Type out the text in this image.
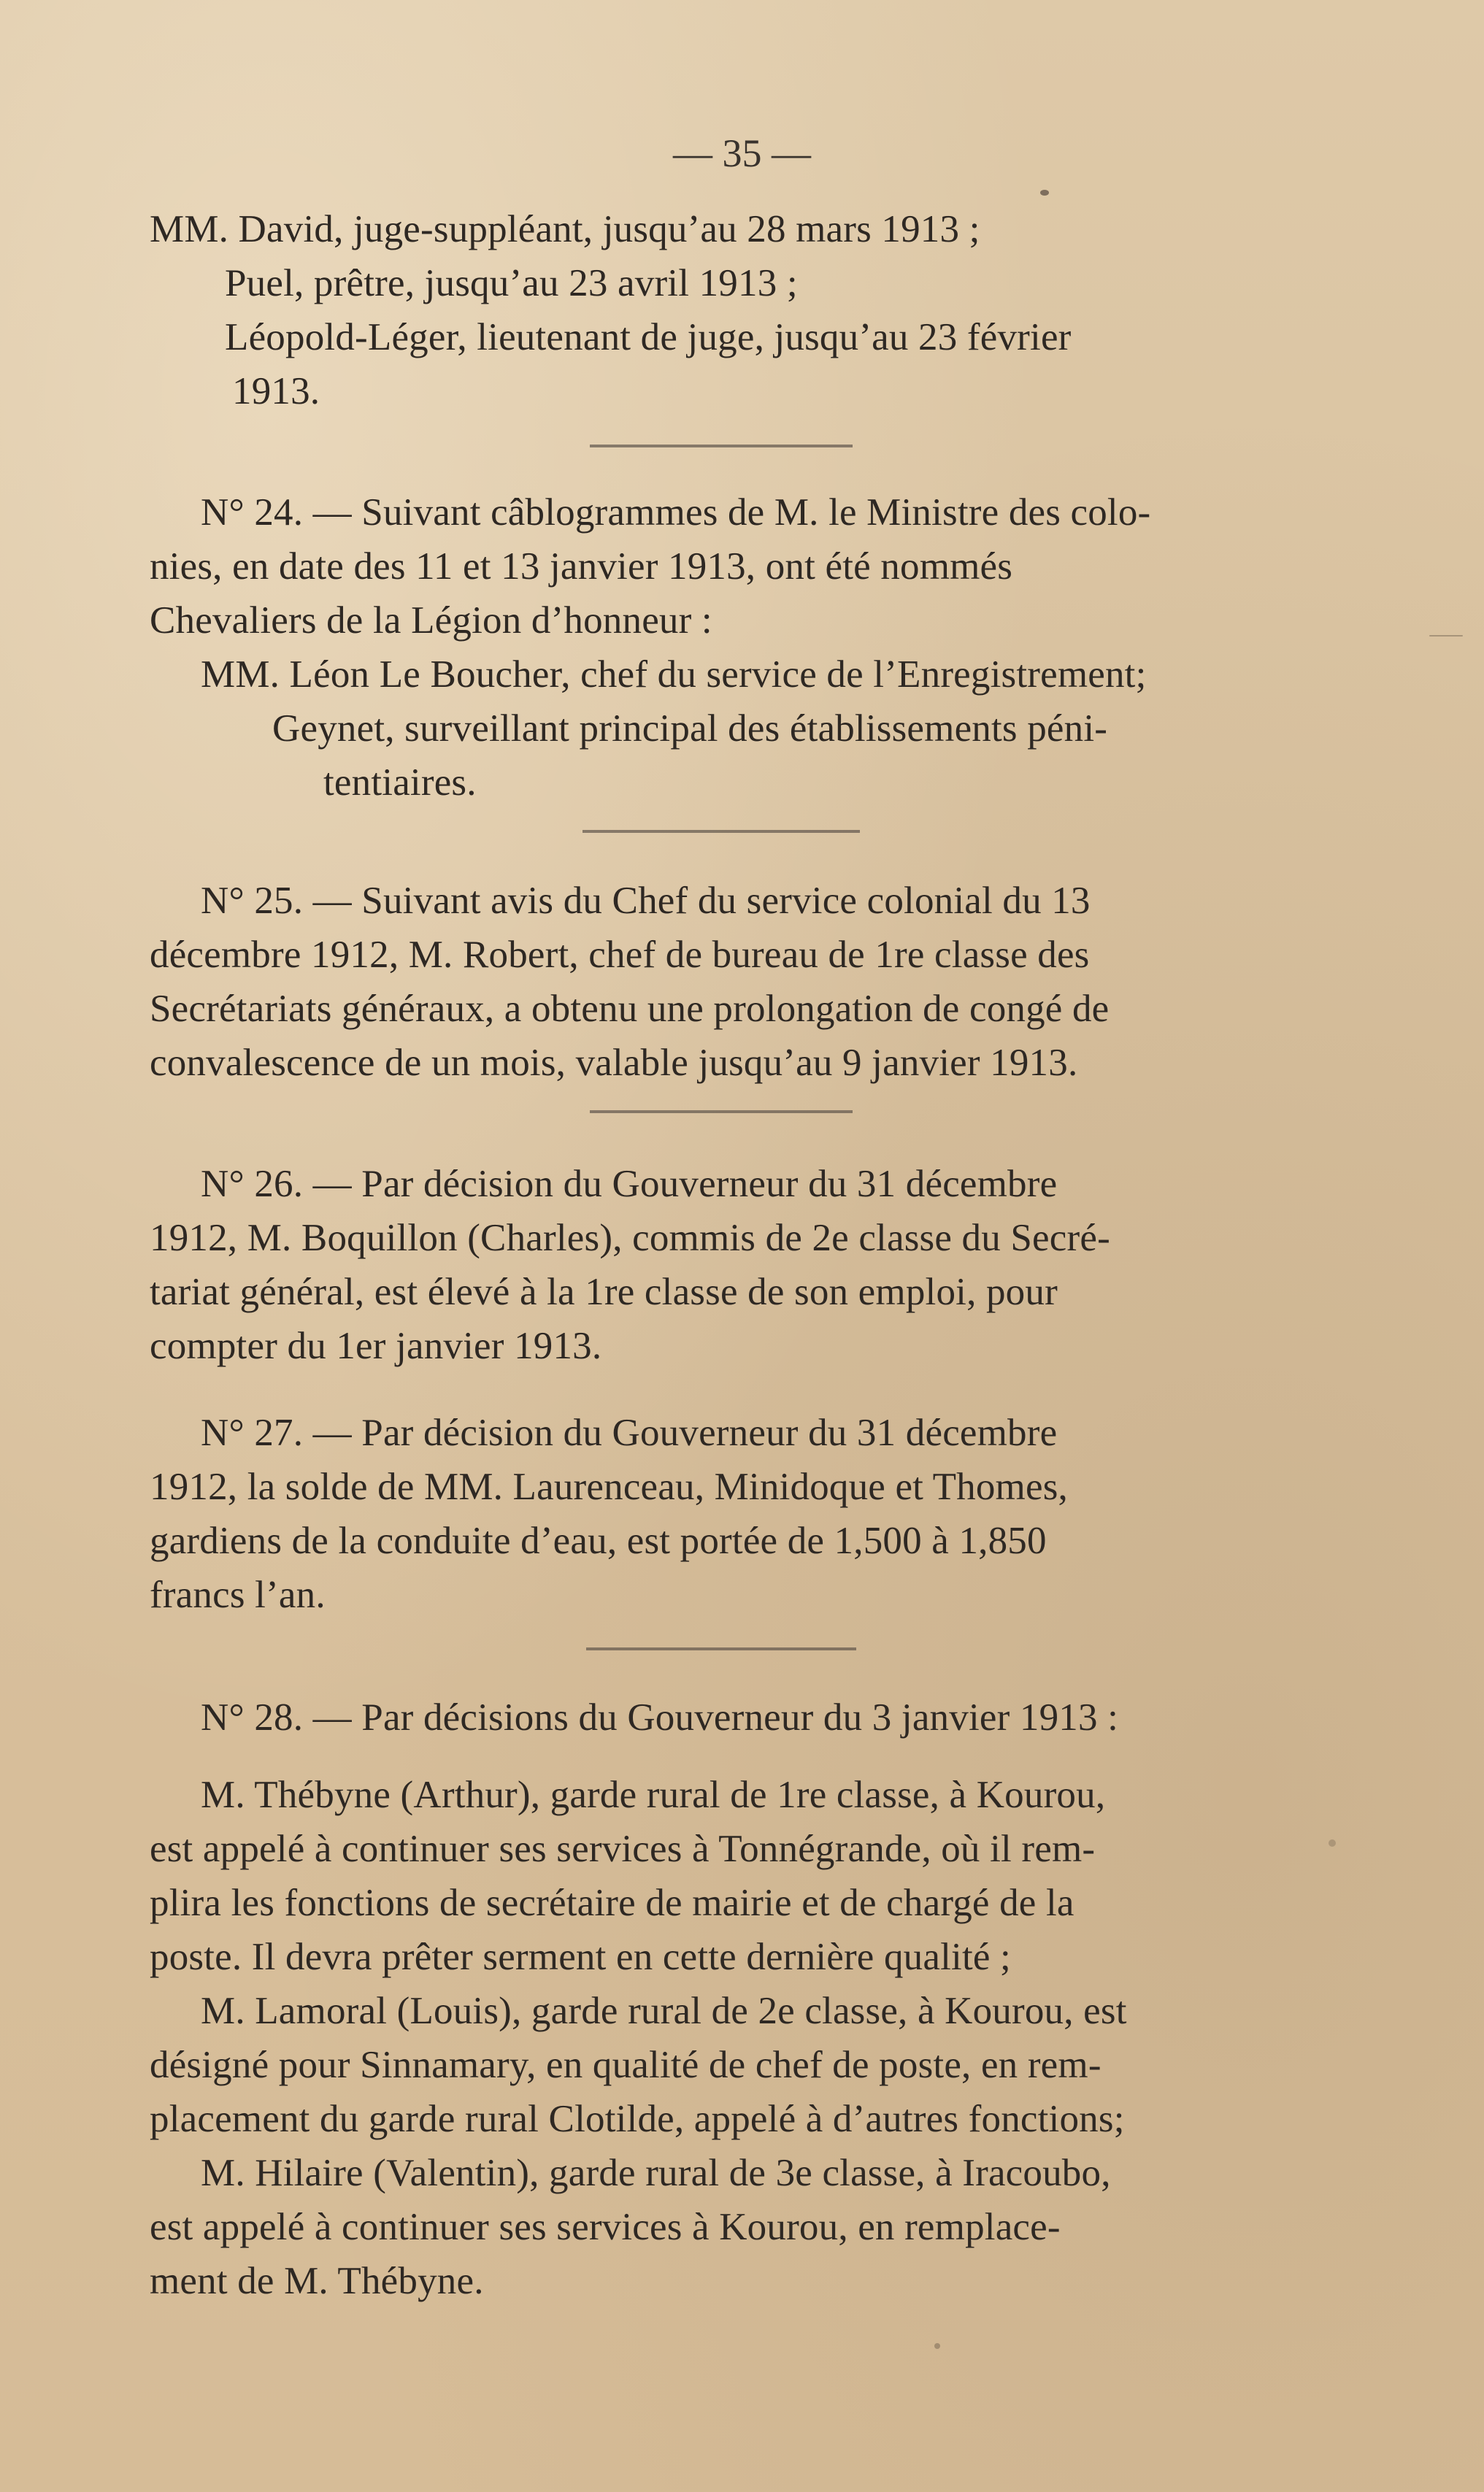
— 35 —

MM. David, juge-suppléant, jusqu’au 28 mars 1913 ;

Puel, prêtre, jusqu’au 23 avril 1913 ;

Léopold-Léger, lieutenant de juge, jusqu’au 23 février

1913.

N° 24. — Suivant câblogrammes de M. le Ministre des colo-

nies, en date des 11 et 13 janvier 1913, ont été nommés

Chevaliers de la Légion d’honneur :

MM. Léon Le Boucher, chef du service de l’Enregistrement;

Geynet, surveillant principal des établissements péni-

tentiaires.

N° 25. — Suivant avis du Chef du service colonial du 13

décembre 1912, M. Robert, chef de bureau de 1re classe des

Secrétariats généraux, a obtenu une prolongation de congé de

convalescence de un mois, valable jusqu’au 9 janvier 1913.

N° 26. — Par décision du Gouverneur du 31 décembre

1912, M. Boquillon (Charles), commis de 2e classe du Secré-

tariat général, est élevé à la 1re classe de son emploi, pour

compter du 1er janvier 1913.

N° 27. — Par décision du Gouverneur du 31 décembre

1912, la solde de MM. Laurenceau, Minidoque et Thomes,

gardiens de la conduite d’eau, est portée de 1,500 à 1,850

francs l’an.

N° 28. — Par décisions du Gouverneur du 3 janvier 1913 :

M. Thébyne (Arthur), garde rural de 1re classe, à Kourou,

est appelé à continuer ses services à Tonnégrande, où il rem-

plira les fonctions de secrétaire de mairie et de chargé de la

poste. Il devra prêter serment en cette dernière qualité ;

M. Lamoral (Louis), garde rural de 2e classe, à Kourou, est

désigné pour Sinnamary, en qualité de chef de poste, en rem-

placement du garde rural Clotilde, appelé à d’autres fonctions;

M. Hilaire (Valentin), garde rural de 3e classe, à Iracoubo,

est appelé à continuer ses services à Kourou, en remplace-

ment de M. Thébyne.
